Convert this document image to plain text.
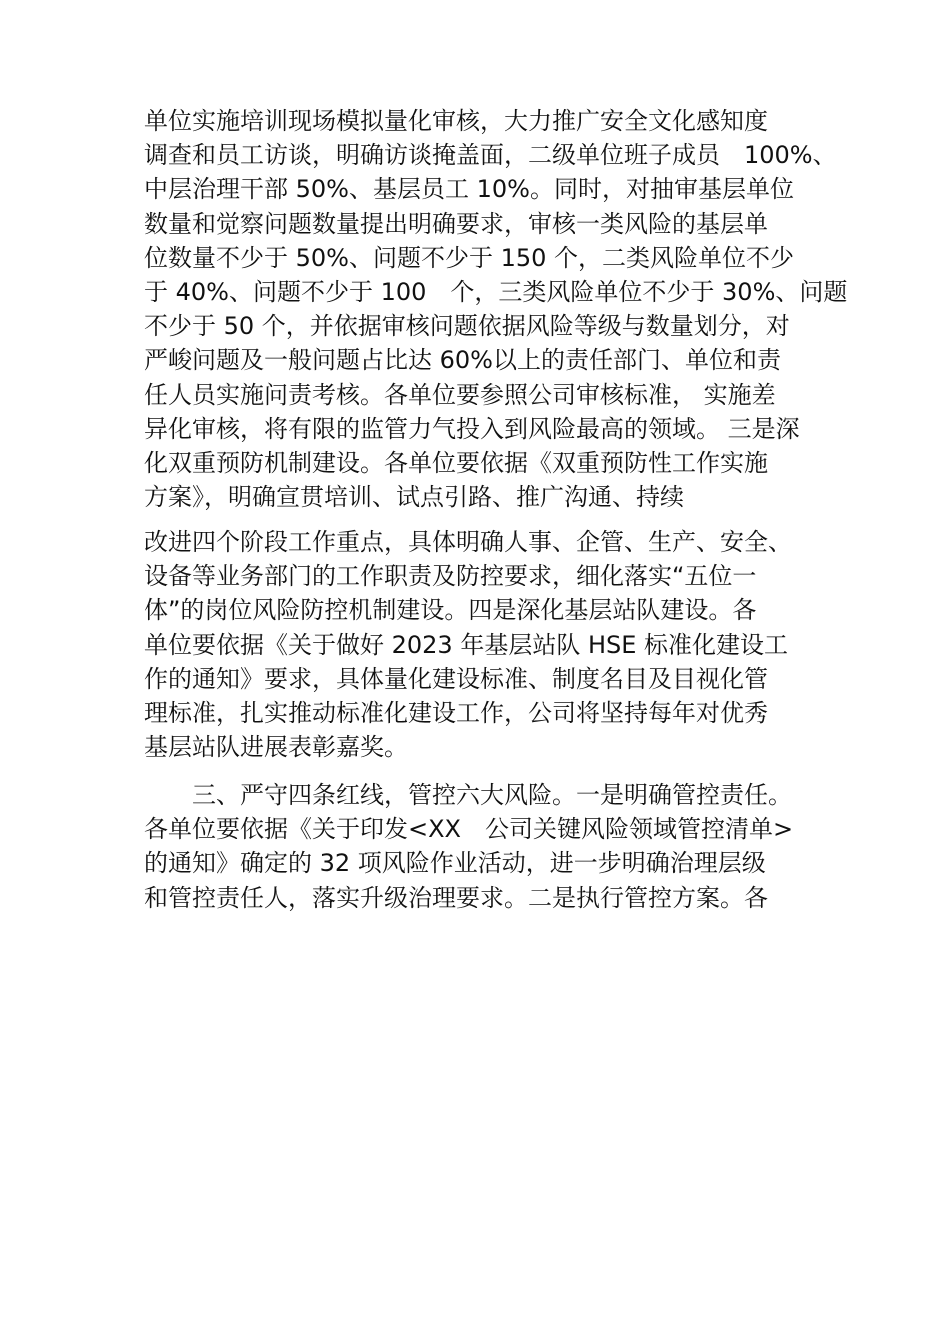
单位实施培训现场模拟量化审核，大力推广安全文化感知度
调查和员工访谈，明确访谈掩盖面，二级单位班子成员　100%、
中层治理干部 50%、基层员工 10%。同时，对抽审基层单位
数量和觉察问题数量提出明确要求，审核一类风险的基层单
位数量不少于 50%、问题不少于 150 个，二类风险单位不少
于 40%、问题不少于 100　个，三类风险单位不少于 30%、问题
不少于 50 个，并依据审核问题依据风险等级与数量划分，对
严峻问题及一般问题占比达 60%以上的责任部门、单位和责
任人员实施问责考核。各单位要参照公司审核标准， 实施差
异化审核，将有限的监管力气投入到风险最高的领域。 三是深
化双重预防机制建设。各单位要依据《双重预防性工作实施
方案》，明确宣贯培训、试点引路、推广沟通、持续
改进四个阶段工作重点，具体明确人事、企管、生产、安全、
设备等业务部门的工作职责及防控要求，细化落实“五位一
体”的岗位风险防控机制建设。四是深化基层站队建设。各
单位要依据《关于做好 2023 年基层站队 HSE 标准化建设工
作的通知》要求，具体量化建设标准、制度名目及目视化管
理标准，扎实推动标准化建设工作，公司将坚持每年对优秀
基层站队进展表彰嘉奖。
三、严守四条红线，管控六大风险。一是明确管控责任。
各单位要依据《关于印发<XX　公司关键风险领域管控清单>
的通知》确定的 32 项风险作业活动，进一步明确治理层级
和管控责任人，落实升级治理要求。二是执行管控方案。各
